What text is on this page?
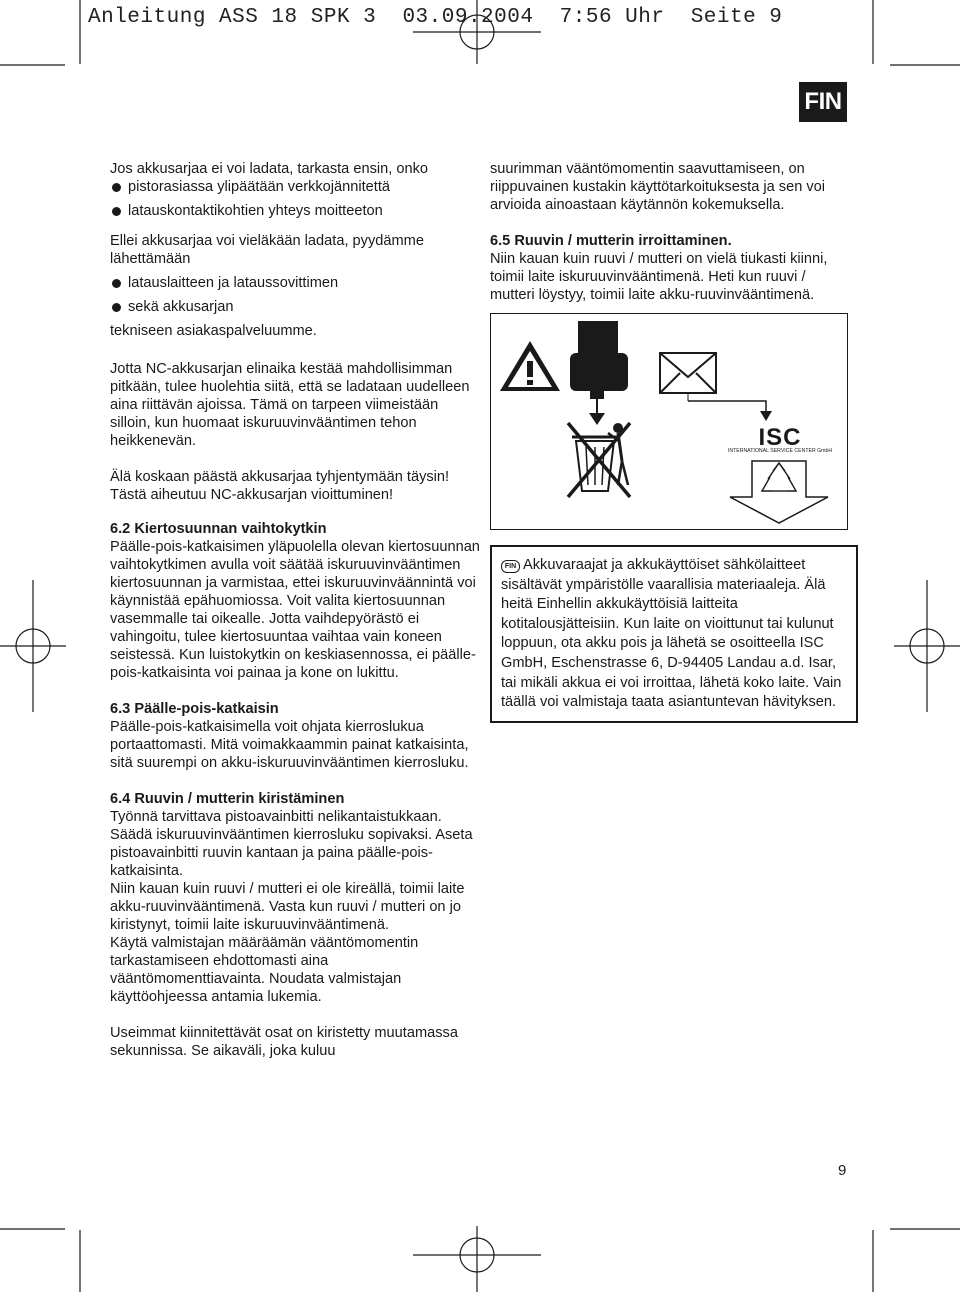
Anleitung ASS 18 SPK 3  03.09.2004  7:56 Uhr  Seite 9
FIN

Jos akkusarjaa ei voi ladata, tarkasta ensin, onko

pistorasiassa ylipäätään verkkojännitettä

latauskontaktikohtien yhteys moitteeton

Ellei akkusarjaa voi vieläkään ladata, pyydämme lähettämään

latauslaitteen ja lataussovittimen

sekä akkusarjan

tekniseen asiakaspalveluumme.

Jotta NC-akkusarjan elinaika kestää mahdollisimman pitkään, tulee huolehtia siitä, että se ladataan uudelleen aina riittävän ajoissa. Tämä on tarpeen viimeistään silloin, kun huomaat iskuruuvinvääntimen tehon heikkenevän.

Älä koskaan päästä akkusarjaa tyhjentymään täysin! Tästä aiheutuu NC-akkusarjan vioittuminen!

6.2 Kiertosuunnan vaihtokytkin

Päälle-pois-katkaisimen yläpuolella olevan kiertosuunnan vaihtokytkimen avulla voit säätää iskuruuvinvääntimen kiertosuunnan ja varmistaa, ettei iskuruuvinväännintä voi käynnistää epähuomiossa. Voit valita kiertosuunnan vasemmalle tai oikealle. Jotta vaihdepyörästö ei vahingoitu, tulee kiertosuuntaa vaihtaa vain koneen seistessä. Kun luistokytkin on keskiasennossa, ei päälle-pois-katkaisinta voi painaa ja kone on lukittu.

6.3 Päälle-pois-katkaisin

Päälle-pois-katkaisimella voit ohjata kierroslukua portaattomasti. Mitä voimakkaammin painat katkaisinta, sitä suurempi on akku-iskuruuvinvääntimen kierrosluku.

6.4 Ruuvin / mutterin kiristäminen

Työnnä tarvittava pistoavainbitti nelikantaistukkaan. Säädä iskuruuvinvääntimen kierrosluku sopivaksi. Aseta pistoavainbitti ruuvin kantaan ja paina päälle-pois-katkaisinta.

Niin kauan kuin ruuvi / mutteri ei ole kireällä, toimii laite akku-ruuvinvääntimenä. Vasta kun ruuvi / mutteri on jo kiristynyt, toimii laite iskuruuvinvääntimenä.

Käytä valmistajan määräämän vääntömomentin tarkastamiseen ehdottomasti aina vääntömomenttiavainta. Noudata valmistajan käyttöohjeessa antamia lukemia.

Useimmat kiinnitettävät osat on kiristetty muutamassa sekunnissa. Se aikaväli, joka kuluu

suurimman vääntömomentin saavuttamiseen, on riippuvainen kustakin käyttötarkoituksesta ja sen voi arvioida ainoastaan käytännön kokemuksella.

6.5 Ruuvin / mutterin irroittaminen.

Niin kauan kuin ruuvi / mutteri on vielä tiukasti kiinni, toimii laite iskuruuvinvääntimenä. Heti kun ruuvi / mutteri löystyy, toimii laite akku-ruuvinvääntimenä.

ISC
INTERNATIONAL SERVICE CENTER GmbH
FIN Akkuvaraajat ja akkukäyttöiset sähkölaitteet sisältävät ympäristölle vaarallisia materiaaleja. Älä heitä Einhellin akkukäyttöisiä laitteita kotitalousjätteisiin. Kun laite on vioittunut tai kulunut loppuun, ota akku pois ja lähetä se osoitteella ISC GmbH, Eschenstrasse 6, D-94405 Landau a.d. Isar, tai mikäli akkua ei voi irroittaa, lähetä koko laite. Vain täällä voi valmistaja taata asiantuntevan hävityksen.
9
